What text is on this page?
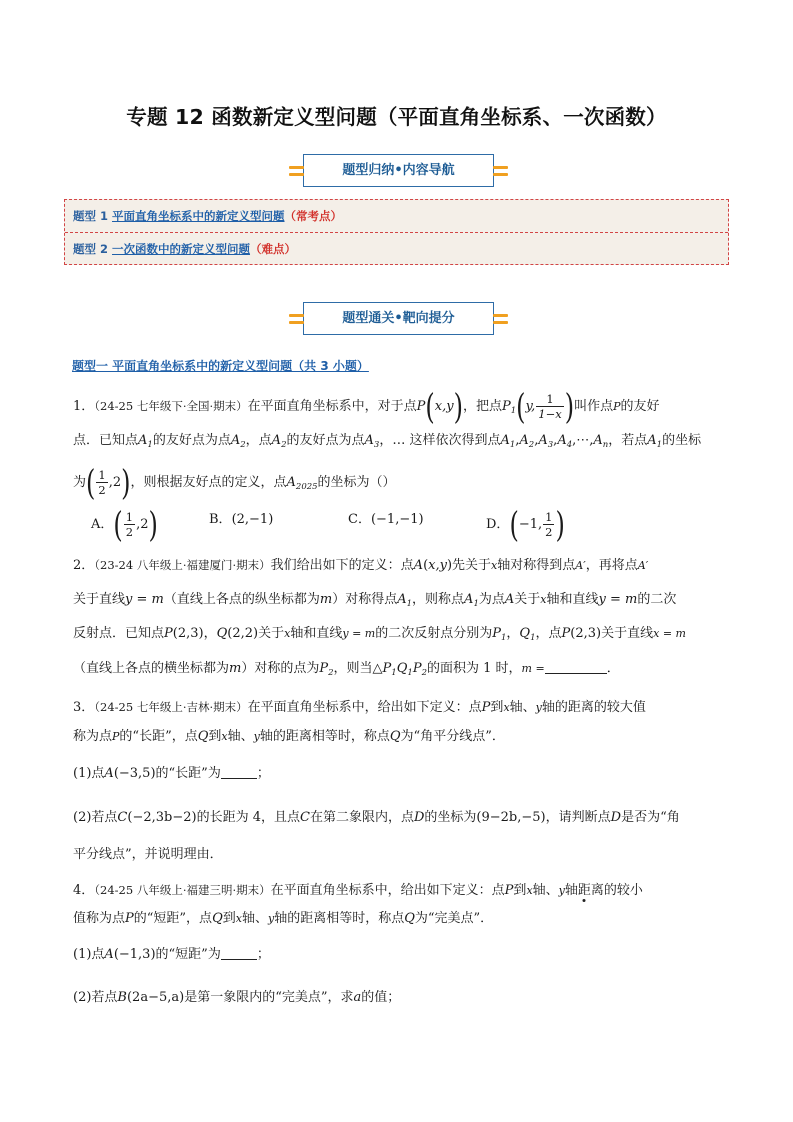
专题 12 函数新定义型问题（平面直角坐标系、一次函数）
题型归纳•内容导航
题型 1 平面直角坐标系中的新定义型问题（常考点）
题型 2 一次函数中的新定义型问题（难点）
题型通关•靶向提分
题型一 平面直角坐标系中的新定义型问题（共 3 小题）
1．（24-25 七年级下·全国·期末）在平面直角坐标系中，对于点P(x,y)，把点$P_1(y$, $\frac{1}{1-x}$ )叫作点P的友好
点．已知点$A_1$的友好点为点$A_2$，点$A_2$的友好点为点$A_3$，… 这样依次得到点$A_1,A_2,A_3,A_4,\cdots,A_n$，若点$A_1$的坐标
为( $\frac{1}{2} ,2$)，则根据友好点的定义，点$A_{2025}$的坐标为（）
A．( $\frac{1}{2} ,2$)	B．(2,−1)	C．(−1,−1)	D．(−1, $\frac{1}{2}$ )
2．（23-24 八年级上·福建厦门·期末）我们给出如下的定义：点A(x,y)先关于x轴对称得到点A′，再将点A′
关于直线y = m（直线上各点的纵坐标都为m）对称得点$A_1$，则称点$A_1$为点A关于x轴和直线y = m的二次
反射点．已知点P(2,3)，Q(2,2)关于x轴和直线y = m的二次反射点分别为$P_1$，$Q_1$，点P(2,3)关于直线x = m
（直线上各点的横坐标都为m）对称的点为$P_2$，则当$\triangle P_1Q_1P_2$的面积为 1 时，m =	．
3．（24-25 七年级上·吉林·期末）在平面直角坐标系中，给出如下定义：点P到x轴、y轴的距离的较大值
称为点P的“长距”，点Q到x轴、y轴的距离相等时，称点Q为“角平分线点”．
(1)点A(−3,5)的“长距”为	；
(2)若点C(−2,3b−2)的长距为 4，且点C在第二象限内，点D的坐标为(9−2b,−5)，请判断点D是否为“角
平分线点”，并说明理由．
4．（24-25 八年级上·福建三明·期末）在平面直角坐标系中，给出如下定义：点P到x轴、y轴距离的较小
值称为点P的“短距”，点Q到x轴、y轴的距离相等时，称点Q为“完美点”．
(1)点A(−1,3)的“短距”为	；
(2)若点B(2a−5,a)是第一象限内的“完美点”，求a的值；
